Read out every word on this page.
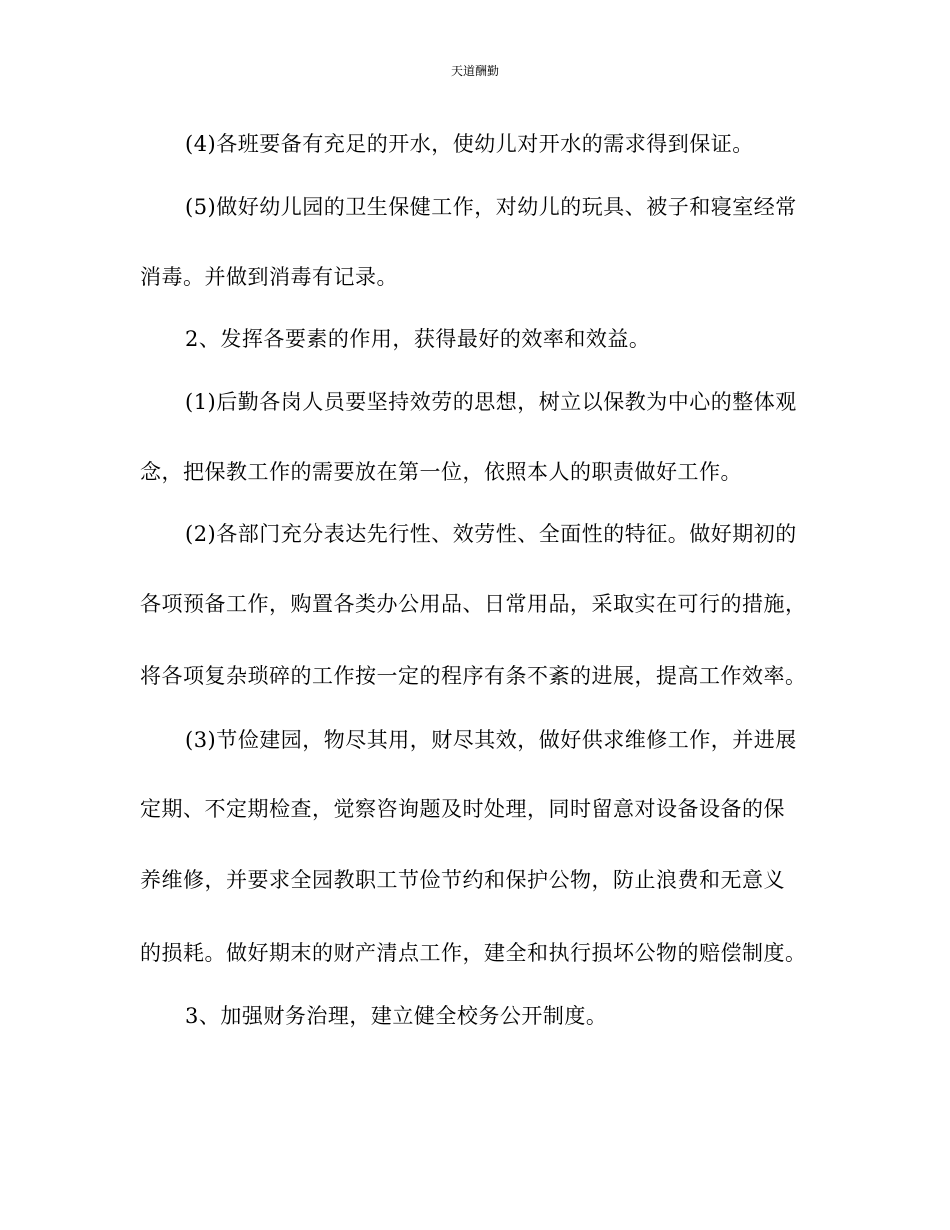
天道酬勤
(4)各班要备有充足的开水，使幼儿对开水的需求得到保证。
(5)做好幼儿园的卫生保健工作，对幼儿的玩具、被子和寝室经常
消毒。并做到消毒有记录。
2、发挥各要素的作用，获得最好的效率和效益。
(1)后勤各岗人员要坚持效劳的思想，树立以保教为中心的整体观
念，把保教工作的需要放在第一位，依照本人的职责做好工作。
(2)各部门充分表达先行性、效劳性、全面性的特征。做好期初的
各项预备工作，购置各类办公用品、日常用品，采取实在可行的措施，
将各项复杂琐碎的工作按一定的程序有条不紊的进展，提高工作效率。
(3)节俭建园，物尽其用，财尽其效，做好供求维修工作，并进展
定期、不定期检查，觉察咨询题及时处理，同时留意对设备设备的保
养维修，并要求全园教职工节俭节约和保护公物，防止浪费和无意义
的损耗。做好期末的财产清点工作，建全和执行损坏公物的赔偿制度。
3、加强财务治理，建立健全校务公开制度。
